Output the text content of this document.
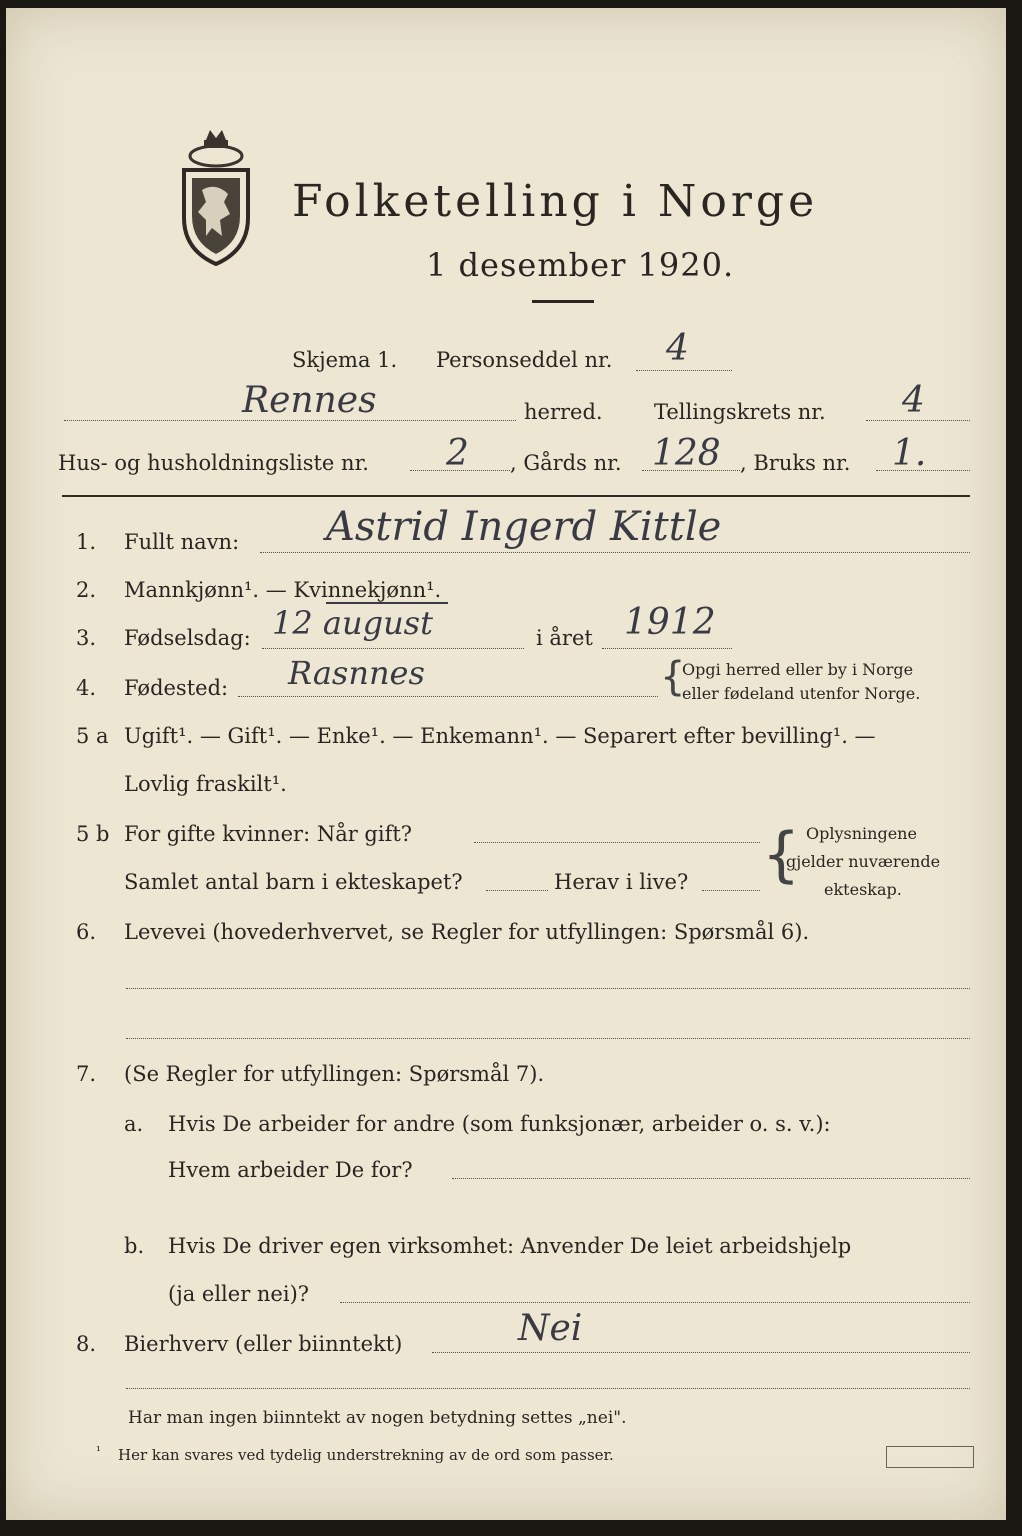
Folketelling i Norge
1 desember 1920.
Skjema 1. Personseddel nr. 4
Rennes	herred. Tellingskrets nr. 4
Hus- og husholdningsliste nr. 2 , Gårds nr. 128 , Bruks nr. 1.
1. Fullt navn: Astrid Ingerd Kittle
2. Mannkjønn¹. — Kvinnekjønn¹.
3. Fødselsdag: 12 august	i året 1912
4. Fødested: Rasnnes	{
Opgi herred eller by i Norge
eller fødeland utenfor Norge.
5 a Ugift¹. — Gift¹. — Enke¹. — Enkemann¹. — Separert efter bevilling¹. —
Lovlig fraskilt¹.
5 b For gifte kvinner: Når gift?
Samlet antal barn i ekteskapet?	Herav i live? { Oplysningene
gjelder nuværende
ekteskap.
6. Levevei (hovederhvervet, se Regler for utfyllingen: Spørsmål 6).
7. (Se Regler for utfyllingen: Spørsmål 7).
a. Hvis De arbeider for andre (som funksjonær, arbeider o. s. v.):
Hvem arbeider De for?
b. Hvis De driver egen virksomhet: Anvender De leiet arbeidshjelp
(ja eller nei)?
8. Bierhverv (eller biinntekt)	Nei
Har man ingen biinntekt av nogen betydning settes „nei".
¹ Her kan svares ved tydelig understrekning av de ord som passer.
